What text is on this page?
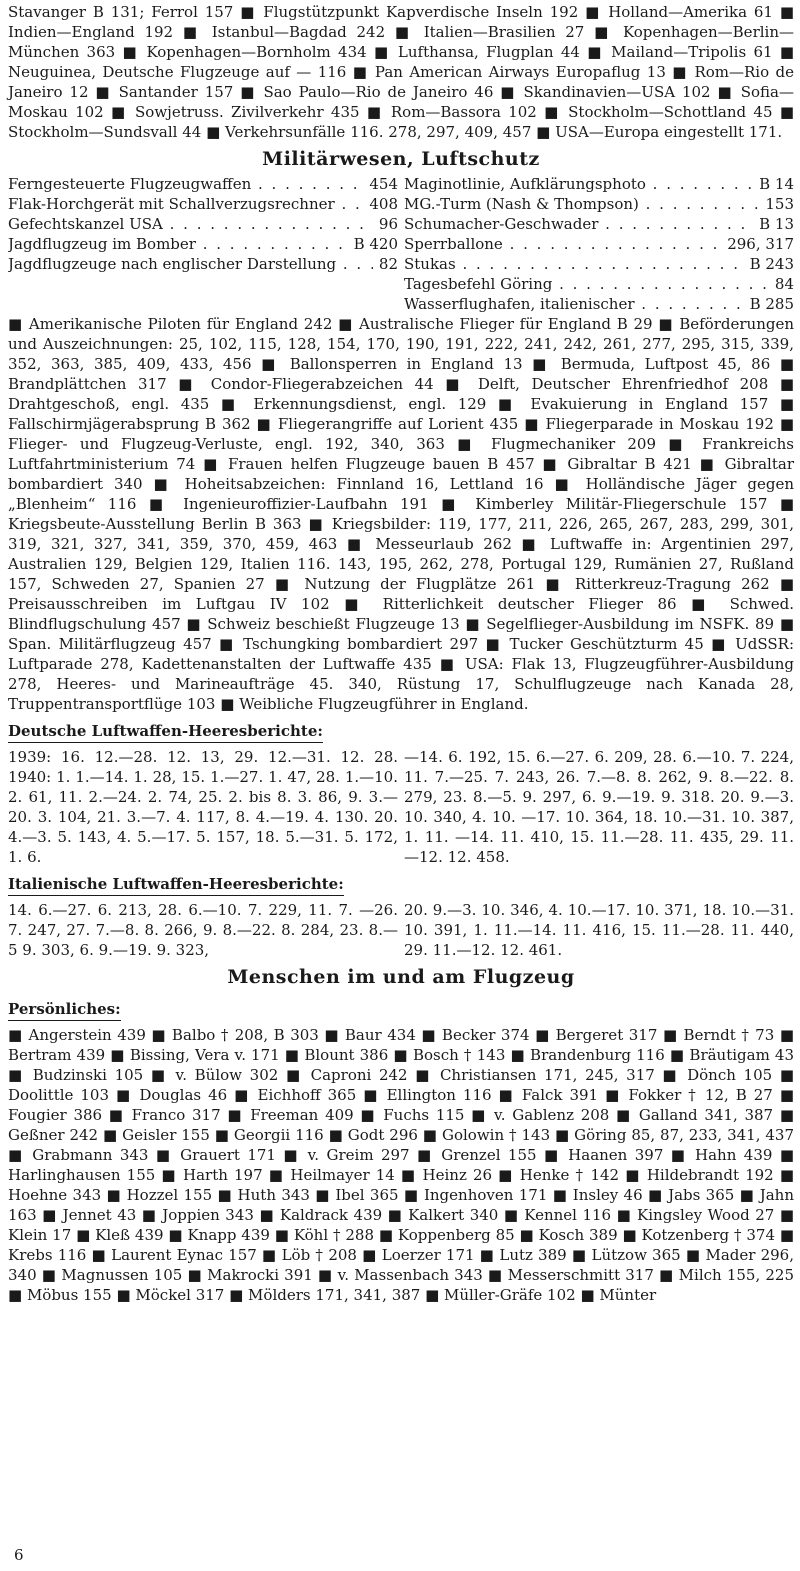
Stavanger B 131; Ferrol 157 ■ Flugstützpunkt Kapverdische Inseln 192 ■ Holland—Amerika 61 ■ Indien—England 192 ■ Istanbul—Bagdad 242 ■ Italien—Brasilien 27 ■ Kopenhagen—Berlin—München 363 ■ Kopenhagen—Bornholm 434 ■ Lufthansa, Flugplan 44 ■ Mailand—Tripolis 61 ■ Neuguinea, Deutsche Flugzeuge auf — 116 ■ Pan American Airways Europaflug 13 ■ Rom—Rio de Janeiro 12 ■ Santander 157 ■ Sao Paulo—Rio de Janeiro 46 ■ Skandinavien—USA 102 ■ Sofia—Moskau 102 ■ Sowjetruss. Zivilverkehr 435 ■ Rom—Bassora 102 ■ Stockholm—Schottland 45 ■ Stockholm—Sundsvall 44 ■ Verkehrsunfälle 116. 278, 297, 409, 457 ■ USA—Europa eingestellt 171.

Militärwesen, Luftschutz
Ferngesteuerte Flugzeugwaffen . . .	454
Flak-Horchgerät mit Schallverzugsrechner . . .	408
Gefechtskanzel USA . . .	96
Jagdflugzeug im Bomber . . .	B 420
Jagdflugzeuge nach englischer Darstellung . . .	82
Maginotlinie, Aufklärungsphoto . . .	B 14
MG.-Turm (Nash & Thompson) . . .	153
Schumacher-Geschwader . . .	B 13
Sperrballone . . .	296, 317
Stukas . . .	B 243
Tagesbefehl Göring . . .	84
Wasserflughafen, italienischer . . .	B 285

■ Amerikanische Piloten für England 242 ■ Australische Flieger für England B 29 ■ Beförderungen und Auszeichnungen: 25, 102, 115, 128, 154, 170, 190, 191, 222, 241, 242, 261, 277, 295, 315, 339, 352, 363, 385, 409, 433, 456 ■ Ballonsperren in England 13 ■ Bermuda, Luftpost 45, 86 ■ Brandplättchen 317 ■ Condor-Fliegerabzeichen 44 ■ Delft, Deutscher Ehrenfriedhof 208 ■ Drahtgeschoß, engl. 435 ■ Erkennungsdienst, engl. 129 ■ Evakuierung in England 157 ■ Fallschirmjägerabsprung B 362 ■ Fliegerangriffe auf Lorient 435 ■ Fliegerparade in Moskau 192 ■ Flieger- und Flugzeug-Verluste, engl. 192, 340, 363 ■ Flugmechaniker 209 ■ Frankreichs Luftfahrtministerium 74 ■ Frauen helfen Flugzeuge bauen B 457 ■ Gibraltar B 421 ■ Gibraltar bombardiert 340 ■ Hoheitsabzeichen: Finnland 16, Lettland 16 ■ Holländische Jäger gegen „Blenheim“ 116 ■ Ingenieuroffizier-Laufbahn 191 ■ Kimberley Militär-Fliegerschule 157 ■ Kriegsbeute-Ausstellung Berlin B 363 ■ Kriegsbilder: 119, 177, 211, 226, 265, 267, 283, 299, 301, 319, 321, 327, 341, 359, 370, 459, 463 ■ Messeurlaub 262 ■ Luftwaffe in: Argentinien 297, Australien 129, Belgien 129, Italien 116. 143, 195, 262, 278, Portugal 129, Rumänien 27, Rußland 157, Schweden 27, Spanien 27 ■ Nutzung der Flugplätze 261 ■ Ritterkreuz-Tragung 262 ■ Preisausschreiben im Luftgau IV 102 ■ Ritterlichkeit deutscher Flieger 86 ■ Schwed. Blindflugschulung 457 ■ Schweiz beschießt Flugzeuge 13 ■ Segelflieger-Ausbildung im NSFK. 89 ■ Span. Militärflugzeug 457 ■ Tschungking bombardiert 297 ■ Tucker Geschützturm 45 ■ UdSSR: Luftparade 278, Kadettenanstalten der Luftwaffe 435 ■ USA: Flak 13, Flugzeugführer-Ausbildung 278, Heeres- und Marineaufträge 45. 340, Rüstung 17, Schulflugzeuge nach Kanada 28, Truppentransportflüge 103 ■ Weibliche Flugzeugführer in England.

Deutsche Luftwaffen-Heeresberichte:

1939: 16. 12.—28. 12. 13, 29. 12.—31. 12. 28. 1940: 1. 1.—14. 1. 28, 15. 1.—27. 1. 47, 28. 1.—10. 2. 61, 11. 2.—24. 2. 74, 25. 2. bis 8. 3. 86, 9. 3.—20. 3. 104, 21. 3.—7. 4. 117, 8. 4.—19. 4. 130. 20. 4.—3. 5. 143, 4. 5.—17. 5. 157, 18. 5.—31. 5. 172, 1. 6.

—14. 6. 192, 15. 6.—27. 6. 209, 28. 6.—10. 7. 224, 11. 7.—25. 7. 243, 26. 7.—8. 8. 262, 9. 8.—22. 8. 279, 23. 8.—5. 9. 297, 6. 9.—19. 9. 318. 20. 9.—3. 10. 340, 4. 10. —17. 10. 364, 18. 10.—31. 10. 387, 1. 11. —14. 11. 410, 15. 11.—28. 11. 435, 29. 11. —12. 12. 458.

Italienische Luftwaffen-Heeresberichte:

14. 6.—27. 6. 213, 28. 6.—10. 7. 229, 11. 7. —26. 7. 247, 27. 7.—8. 8. 266, 9. 8.—22. 8. 284, 23. 8.—5 9. 303, 6. 9.—19. 9. 323,

20. 9.—3. 10. 346, 4. 10.—17. 10. 371, 18. 10.—31. 10. 391, 1. 11.—14. 11. 416, 15. 11.—28. 11. 440, 29. 11.—12. 12. 461.

Menschen im und am Flugzeug
Persönliches:

■ Angerstein 439 ■ Balbo † 208, B 303 ■ Baur 434 ■ Becker 374 ■ Bergeret 317 ■ Berndt † 73 ■ Bertram 439 ■ Bissing, Vera v. 171 ■ Blount 386 ■ Bosch † 143 ■ Brandenburg 116 ■ Bräutigam 43 ■ Budzinski 105 ■ v. Bülow 302 ■ Caproni 242 ■ Christiansen 171, 245, 317 ■ Dönch 105 ■ Doolittle 103 ■ Douglas 46 ■ Eichhoff 365 ■ Ellington 116 ■ Falck 391 ■ Fokker † 12, B 27 ■ Fougier 386 ■ Franco 317 ■ Freeman 409 ■ Fuchs 115 ■ v. Gablenz 208 ■ Galland 341, 387 ■ Geßner 242 ■ Geisler 155 ■ Georgii 116 ■ Godt 296 ■ Golowin † 143 ■ Göring 85, 87, 233, 341, 437 ■ Grabmann 343 ■ Grauert 171 ■ v. Greim 297 ■ Grenzel 155 ■ Haanen 397 ■ Hahn 439 ■ Harlinghausen 155 ■ Harth 197 ■ Heilmayer 14 ■ Heinz 26 ■ Henke † 142 ■ Hildebrandt 192 ■ Hoehne 343 ■ Hozzel 155 ■ Huth 343 ■ Ibel 365 ■ Ingenhoven 171 ■ Insley 46 ■ Jabs 365 ■ Jahn 163 ■ Jennet 43 ■ Joppien 343 ■ Kaldrack 439 ■ Kalkert 340 ■ Kennel 116 ■ Kingsley Wood 27 ■ Klein 17 ■ Kleß 439 ■ Knapp 439 ■ Köhl † 288 ■ Koppenberg 85 ■ Kosch 389 ■ Kotzenberg † 374 ■ Krebs 116 ■ Laurent Eynac 157 ■ Löb † 208 ■ Loerzer 171 ■ Lutz 389 ■ Lützow 365 ■ Mader 296, 340 ■ Magnussen 105 ■ Makrocki 391 ■ v. Massenbach 343 ■ Messerschmitt 317 ■ Milch 155, 225 ■ Möbus 155 ■ Möckel 317 ■ Mölders 171, 341, 387 ■ Müller-Gräfe 102 ■ Münter

6
